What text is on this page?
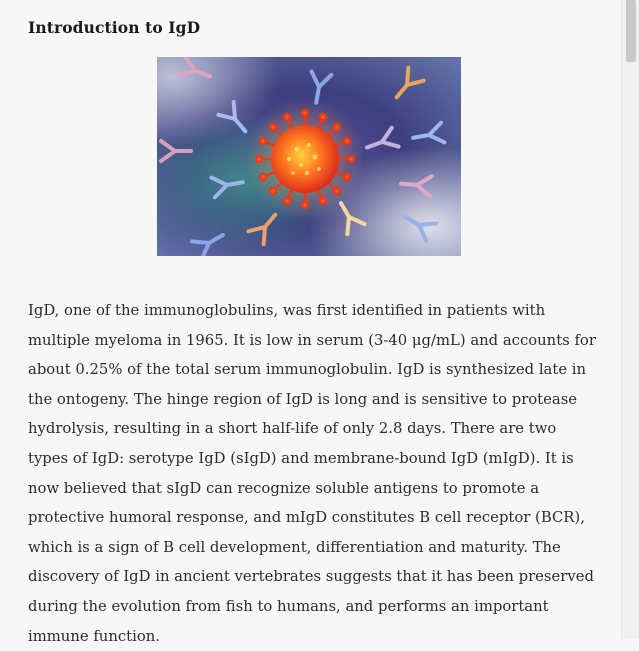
Introduction to IgD

IgD, one of the immunoglobulins, was first identified in patients with multiple myeloma in 1965. It is low in serum (3-40 μg/mL) and accounts for about 0.25% of the total serum immunoglobulin. IgD is synthesized late in the ontogeny. The hinge region of IgD is long and is sensitive to protease hydrolysis, resulting in a short half-life of only 2.8 days. There are two types of IgD: serotype IgD (sIgD) and membrane-bound IgD (mIgD). It is now believed that sIgD can recognize soluble antigens to promote a protective humoral response, and mIgD constitutes B cell receptor (BCR), which is a sign of B cell development, differentiation and maturity. The discovery of IgD in ancient vertebrates suggests that it has been preserved during the evolution from fish to humans, and performs an important immune function.
